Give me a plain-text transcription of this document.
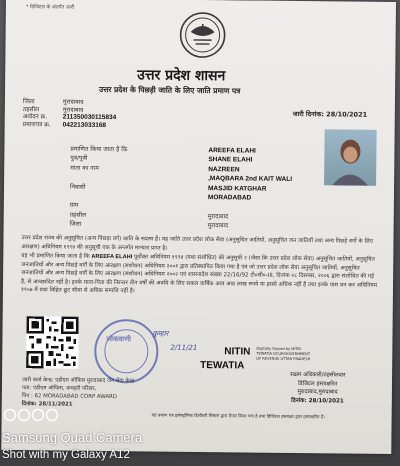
* डिजिटल के अंतर्गत आरी
उत्तर प्रदेश शासन
उत्तर प्रदेश के पिछड़ी जाति के लिए जाति प्रमाण पत्र
जिला
तहसील
आवेदन क्र.
प्रमाणपत्र क्र.
मुरादाबाद
मुरादाबाद
211350030115834
042213033168
जारी दिनांक: 28/10/2021
प्रमाणित किया जाता है कि
पुत्र/पुत्री
माता का नाम

निवासी

ग्राम
तहसील
जिला
AREEFA ELAHI
SHANE ELAHI
NAZREEN
,MAQBARA 2nd KAIT WALI
MASJID KATGHAR
MORADABAD

मुरादाबाद
मुरादाबाद
उत्तर प्रदेश राज्य की अनुसूचित (अन्य पिछड़ा वर्ग) जाति के सदस्य हैं। यह जाति उत्तर प्रदेश लोक सेवा (अनुसूचित जातियों, अनुसूचित जन जातियों तथा अन्य पिछड़े वर्गों के लिए आरक्षण) अधिनियम १९९४ की अनुसूची एक के अन्तर्गत मान्यता प्राप्त है।
यह भी प्रमाणित किया जाता है कि AREEFA ELAHI पूर्वोक्त अधिनियम १९९४ (यथा संशोधित) की अनुसूची २ (जैसा कि उत्तर प्रदेश लोक सेवा) अनुसूचित जातियों, अनुसूचित जनजातियों और अन्य पिछड़े वर्गों के लिए आरक्षण (संशोधन) अधिनियम २००१ द्वारा प्रतिस्थापित किया गया है एवं जो उत्तर प्रदेश लोक सेवा अनुसूचित जातियों, अनुसूचित जनजातियों और अन्य पिछड़े वर्गों के लिए आरक्षण (संशोधन) अधिनियम २००२ एवं शासनादेश संख्या 22/16/92 टी०सी०-III, दिनांक ०८ दिसम्बर, २००६ द्वारा संशोधित की गई है, से आच्छादित नहीं है। इनके माता-पिता की निरन्तर तीन वर्षों की अवधि के लिए सकल वार्षिक आय आठ लाख रुपये या इससे अधिक नहीं है तथा इनके पास धन कर अधिनियम १९५७ में यथा विहित छूट सीमा से अधिक सम्पत्ति नहीं है।
लोकवाणी
कुम्हार
2/11/21
जारी कर्ता केन्द्र: एडीएम ऑफिस मुरादाबाद जन सेवा केन्द्र
पता: एडीएम ऑफिस, कचहरी परिसर,
पिन : 62 MORADABAD CORP AWARD
दिनांक: 28/11/2021
NITIN
TEWATIA
Digitally Signed by NITIN TEWATIA DY.UP/GOVERNMENT OF REVENUE UTTAR PRADESH
सक्षम अधिकारी/तहसीलदार
डिजिटल हस्ताक्षरित
मुरादाबाद,मुरादाबाद
दिनांक: 28/10/2021
यह प्रमाण पत्र इलेक्ट्रॉनिक डिलीवरी सिस्टम द्वारा तैयार किया गया है तथा डिजिटल हस्ताक्षर द्वारा हस्ताक्षरित है।
Samsung Quad Camera
Shot with my Galaxy A12
